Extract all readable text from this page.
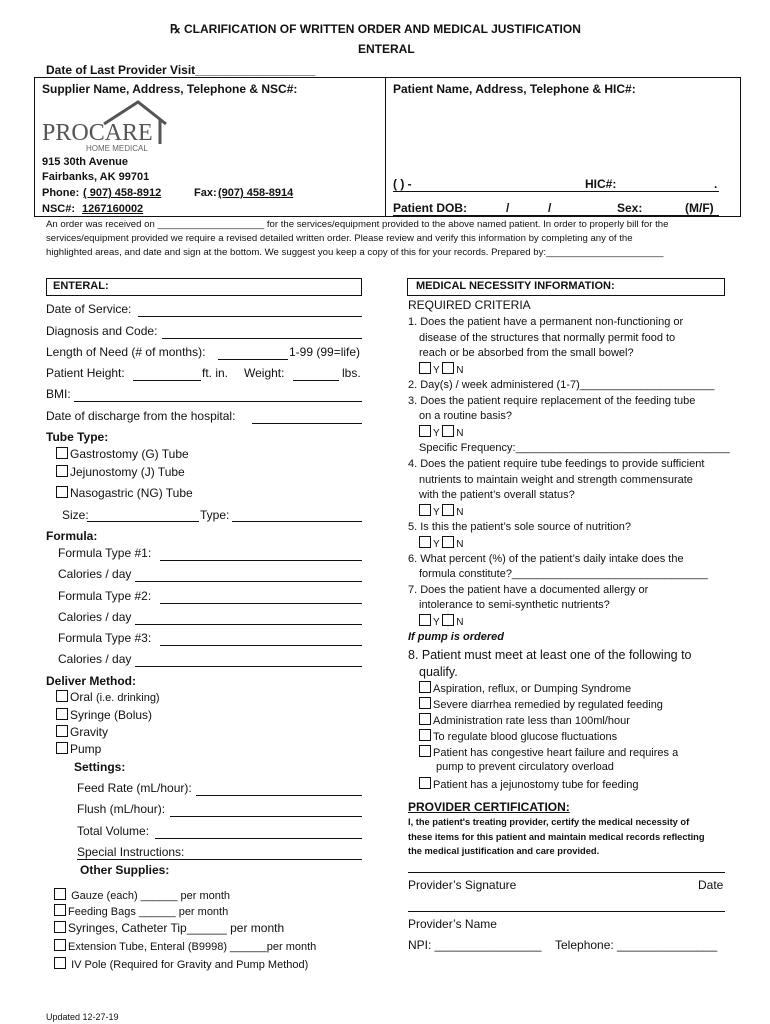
℞ CLARIFICATION OF WRITTEN ORDER AND MEDICAL JUSTIFICATION
ENTERAL
Date of Last Provider Visit__________________
Supplier Name, Address, Telephone & NSC#:
PROCARE
HOME MEDICAL
915 30th Avenue
Fairbanks, AK 99701
Phone: ( 907) 458-8912	Fax: (907) 458-8914
NSC#: 1267160002
Patient Name, Address, Telephone & HIC#:
( ) -	HIC#:	.
Patient DOB:	/	/	Sex:	(M/F)
An order was received on ____________________ for the services/equipment provided to the above named patient. In order to properly bill for the
services/equipment provided we require a revised detailed written order. Please review and verify this information by completing any of the
highlighted areas, and date and sign at the bottom. We suggest you keep a copy of this for your records. Prepared by:______________________
ENTERAL:
Date of Service:
Diagnosis and Code:
Length of Need (# of months):	1-99 (99=life)
Patient Height:	ft. in. Weight:	lbs.
BMI:
Date of discharge from the hospital:
Tube Type:
Gastrostomy (G) Tube
Jejunostomy (J) Tube
Nasogastric (NG) Tube
Size:	Type:
Formula:
Formula Type #1:
Calories / day
Formula Type #2:
Calories / day
Formula Type #3:
Calories / day
Deliver Method:
Oral (i.e. drinking)
Syringe (Bolus)
Gravity
Pump
Settings:
Feed Rate (mL/hour):
Flush (mL/hour):
Total Volume:
Special Instructions:
Other Supplies:
Gauze (each) ______ per month
Feeding Bags ______ per month
Syringes, Catheter Tip______ per month
Extension Tube, Enteral (B9998) ______per month
IV Pole (Required for Gravity and Pump Method)
MEDICAL NECESSITY INFORMATION:
REQUIRED CRITERIA
1. Does the patient have a permanent non-functioning or
disease of the structures that normally permit food to
reach or be absorbed from the small bowel?
Y N
2. Day(s) / week administered (1-7)______________________
3. Does the patient require replacement of the feeding tube
on a routine basis?
Y N
Specific Frequency:___________________________________
4. Does the patient require tube feedings to provide sufficient
nutrients to maintain weight and strength commensurate
with the patient’s overall status?
Y N
5. Is this the patient’s sole source of nutrition?
Y N
6. What percent (%) of the patient’s daily intake does the
formula constitute?________________________________
7. Does the patient have a documented allergy or
intolerance to semi-synthetic nutrients?
Y N
If pump is ordered
8. Patient must meet at least one of the following to
qualify.
Aspiration, reflux, or Dumping Syndrome
Severe diarrhea remedied by regulated feeding
Administration rate less than 100ml/hour
To regulate blood glucose fluctuations
Patient has congestive heart failure and requires a
pump to prevent circulatory overload
Patient has a jejunostomy tube for feeding
PROVIDER CERTIFICATION:
I, the patient's treating provider, certify the medical necessity of
these items for this patient and maintain medical records reflecting
the medical justification and care provided.
Provider’s Signature	Date
Provider’s Name
NPI: ________________ Telephone: _______________
Updated 12-27-19
